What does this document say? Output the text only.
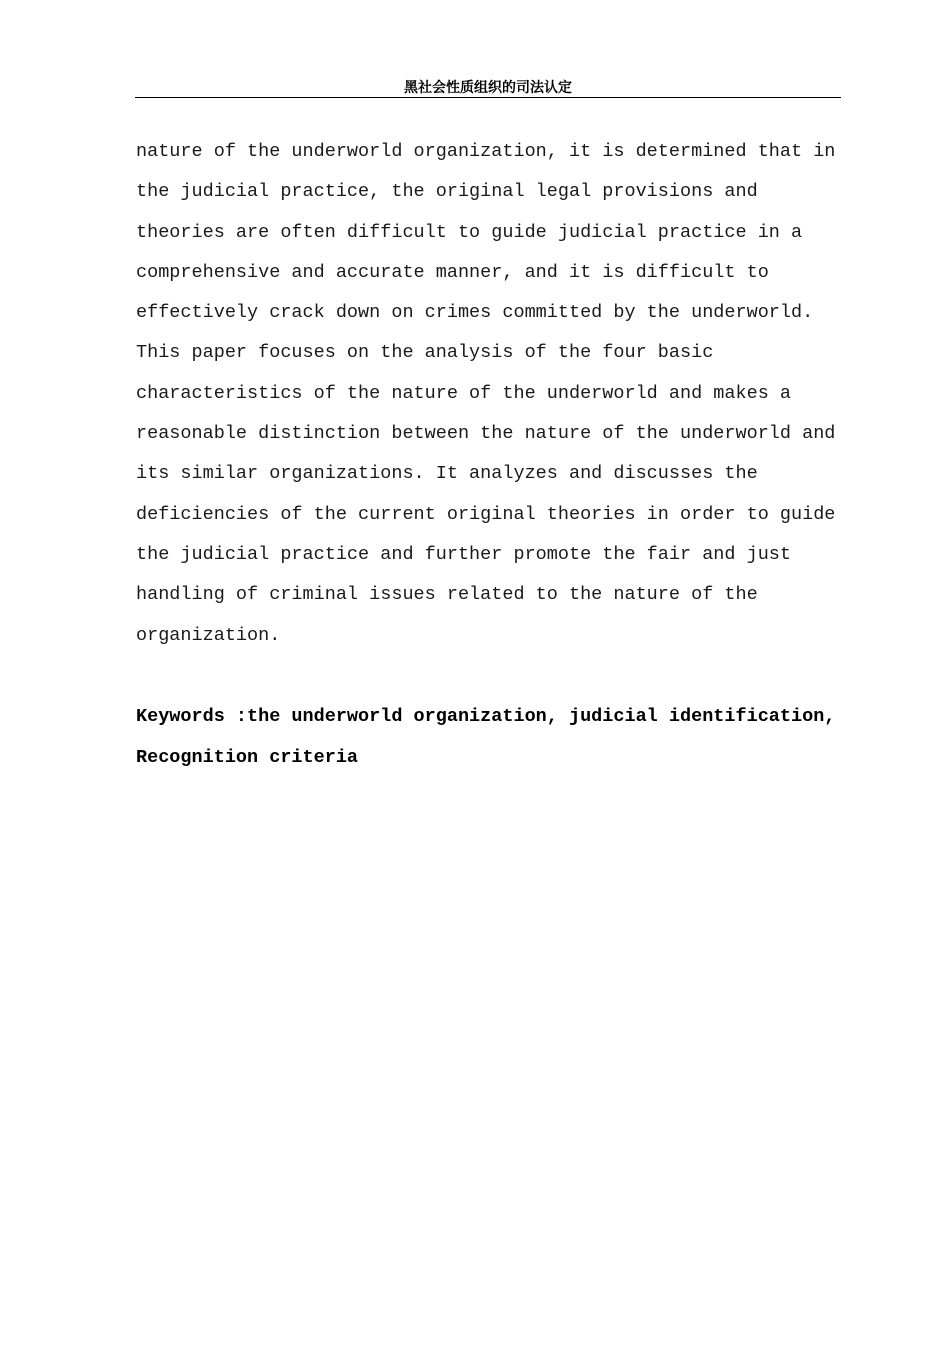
黑社会性质组织的司法认定
nature of the underworld organization, it is determined that in
the judicial practice, the original legal provisions and
theories are often difficult to guide judicial practice in a
comprehensive and accurate manner, and it is difficult to
effectively crack down on crimes committed by the underworld.
This paper focuses on the analysis of the four basic
characteristics of the nature of the underworld and makes a
reasonable distinction between the nature of the underworld and
its similar organizations. It analyzes and discusses the
deficiencies of the current original theories in order to guide
the judicial practice and further promote the fair and just
handling of criminal issues related to the nature of the
organization.
Keywords :the underworld organization, judicial identification,
Recognition criteria
